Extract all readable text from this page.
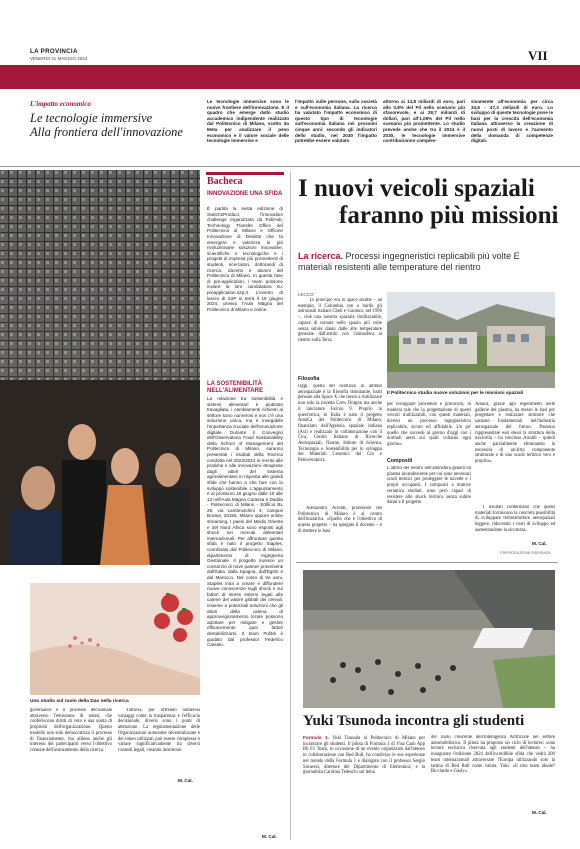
LA PROVINCIA
VENERDÌ 31 MAGGIO 2024	VII
L'impatto economico
Le tecnologie immersive
Alla frontiera dell'innovazione
Le tecnologie immersive sono le nuove frontiere dell'innovazione. E il quadro che emerge dallo studio accademico indipendente realizzato dal Politecnico di Milano, scelto da Meta per analizzare il peso economico e il valore sociale delle tecnologie immersive e
l'impatto sulle persone, sulla società e sull'economia italiana. La ricerca ha valutato l'impatto economico di questo tipo di tecnologie sull'economia italiana nei prossimi cinque anni: secondo gli indicatori dello studio, nel 2030 l'impatto potrebbe essere valutato
attorno ai 14,8 miliardi di euro, pari allo 0,8% del Pil nello scenario più sfavorevole, e ai 28,7 miliardi di dollari, pari all'1,08% del Pil nello scenario più promettente. Lo studio prevede anche che tra il 2024 e il 2030, le tecnologie immersive contribuiranno comples-
sivamente all'economia per circa 34,6 - 47,3 miliardi di euro. Lo sviluppo di queste tecnologie pone le basi per la crescita dell'economia italiana attraverso la creazione di nuovi posti di lavoro e l'aumento della domanda di competenze digitali.
Bacheca
INNOVAZIONE UNA SFIDA
È partita la sesta edizione di Switch2Product, l'innovation challenge organizzata da PoliHub, Technology Transfer Office del Politecnico di Milano e Officine Innovazione di Deloitte che fa emergere e valorizza le più rivoluzionarie soluzioni innovative, scientifiche e tecnologiche e i progetti di impresa più promettenti di studenti, ricercatori, dottorandi di ricerca, docenti e alumni del Politecnico di Milano. In questa fase di pre-application, i team possono inviare la loro candidatura su: preapplication.s2p.it. L'evento di lancio di S2P si terrà il 18 giugno 2024, presso l'Aula Magna del Politecnico di Milano e online.
LA SOSTENIBILITÀ NELL'ALIMENTARE
La relazione tra sostenibilità e sistemi alimentari è piuttosto travagliata, i cambiamenti richiesti al settore sono numerosi e non c'è una soluzione unica, ma è innegabile l'importanza cruciale dell'innovazione digitale. Durante il Convegno dell'Osservatorio Food Sustainability della School of Management del Politecnico di Milano, saranno presentati i risultati della Ricerca condotta nel 2023/2024 in merito alle pratiche e alle innovazioni intraprese dagli attori del sistema agroalimentare in risposta alle grandi sfide che hanno a che fare con lo sviluppo sostenibile. L'appuntamento è al prossimo 18 giugno dalle 10 alle 13 nell'Aula Magna Carassa e Dadda - Politecnico di Milano - Edificio BL 28, via Lambruschini 4, campus Bovisa, 20156, Milano oppure online streaming. I paesi del Medio Oriente e del Nord Africa sono esposti agli shock nei mercati alimentari internazionali. Per affrontare questa sfida è nato il progetto Staples, coordinato dal Politecnico di Milano, dipartimento di Ingegneria Gestionale. Il progetto riunisce un consorzio di nove partner provenienti dall'Italia, dalla Spagna, dall'Egitto e dal Marocco. Nel corso di tre anni, Staples mira a creare e diffondere nuove conoscenze sugli shock e sui fattori di stress esterni legati alle catene del valore globali dei cereali, insieme a potenziali soluzioni che gli attori della catena di approvvigionamento locale possono adottare per mitigare e gestire efficacemente quei fattori destabilizzanti. Il team PoliMi è guidato dal professor Federico Caniato.
M. Cal.
I nuovi veicoli spaziali
faranno più missioni
La ricerca. Processi ingegneristici replicabili più volte E materiali resistenti alle temperature del rientro
LECCO
In principio era lo space shuttle – ad esempio, il Columbia con a bordo gli astronauti italiani Cheli e Guidoni, nel 1996 –, cioè una navetta spaziale riutilizzabile, capace di tornare nello spazio più volte senza subire danni dalle alte temperature generate dall'attrito con l'atmosfera al rientro sulla Terra.
Filosofia
Oggi, quella del riutilizzo in ambito aerospaziale è la filosofia dominante, basti pensare alla Space X che riesce a riutilizzare non solo la navetta Crew Dragon ma anche il lanciatore Falcon 9. Proprio in quest'ottica, in Italia è nato il progetto AmaCa del Politecnico di Milano, finanziato dall'Agenzia spaziale italiana (Asi) e realizzato in collaborazione con il Cira, Centro Italiano di Ricerche Aerospaziali, l'Issme, Istituto di Scienza, Tecnologia e Sostenibilità per lo sviluppo dei Materiali Ceramici del Cnr e Petroceramics.
Alessandro Airoldi, professore del Politecnico di Milano è al centro dell'iniziativa. «Quello che è l'obiettivo di questo progetto – ha spiegato il docente – è di mettere le basi
Il Politecnico studia nuove soluzioni per le missioni spaziali
per sviluppare procedure e protocolli, in maniera tale che la progettazione di questi veicoli riutilizzabili, con questi materiali, diventi un processo ingegneristico replicabile, sicuro ed affidabile. Un po' quello che succede al giorno d'oggi con i normali aerei sui quali voliamo ogni giorno».
Compositi
L'attrito del rientro nell'atmosfera genera un plasma incandescente per cui sono necessari scudi termici per proteggere le navette e i propri occupanti. I compositi a matrice ceramica studiati, sono però capaci di resistere allo shock termico senza subire danni e il progetto
Amaca, grazie agli esperimenti nelle gallerie del plasma, ha messo le basi per progettare e realizzare strutture che saranno fondamentali nell'industria aerospaziale del futuro. Possono rappresentare essi stessi la struttura della navicella – ha concluso Airoldi – quindi anche parzialmente eliminando la necessità di un'altra componente strutturale o di uno scudo termico vero e proprio».
I risultati confermano che questi materiali forniscono la concreta possibilità di sviluppare termostrutture aerospaziali leggere, riducendo i costi di sviluppo ed aumentandone la sicurezza.
M. Cal.
©RIPRODUZIONE RISERVATA
Uno studio sul ruolo della Dao nella ricerca
governance e il processo decisionale attraverso l'emissione di token, che conferiscono diritti di voto e una quota di proprietà dell'organizzazione. Questo modello non solo democratizza il processo di finanziamento, ma allinea anche gli interessi dei partecipanti verso l'obiettivo comune dell'avanzamento della ricerca.
Tuttavia, pur offrendo numerosi vantaggi come la trasparenza e l'efficacia decisionale, diversi sono i punti di attenzione. La regolamentazione delle Organizzazioni autonome decentralizzate e dei token utilizzati può essere complessa e variare significativamente tra diversi contesti legali, creando incertezze.
M. Cal.
Yuki Tsunoda incontra gli studenti
Formula 1. Yuki Tsunoda al Politecnico di Milano per incontrare gli studenti. Il pilota di Formula 1 di Visa Cash App Rb F1 Team, in occasione di un evento organizzato dall'ateneo in collaborazione con Red Bull, ha condiviso le sue esperienze nel mondo della Formula 1 e dialogato con il professor Sergio Savaresi, direttore del Dipartimento di Elettronica, e la giornalista Carolina Tedeschi sul tema
del ruolo crescente dell'Intelligenza Artificiale nel settore automobilistico. Il pilota ha proposto un ciclo di lectures: «una lecture esclusiva riservata agli studenti dell'ateneo – ha inaugurato l'edizione 2024 dell'incredibile sfida che vedrà 200 team internazionali attraversare l'Europa utilizzando solo la lattina di Red Bull come valuta. Yuki: «Il mio team ideale? Ricciardo e Gasly».
M. Cal.
